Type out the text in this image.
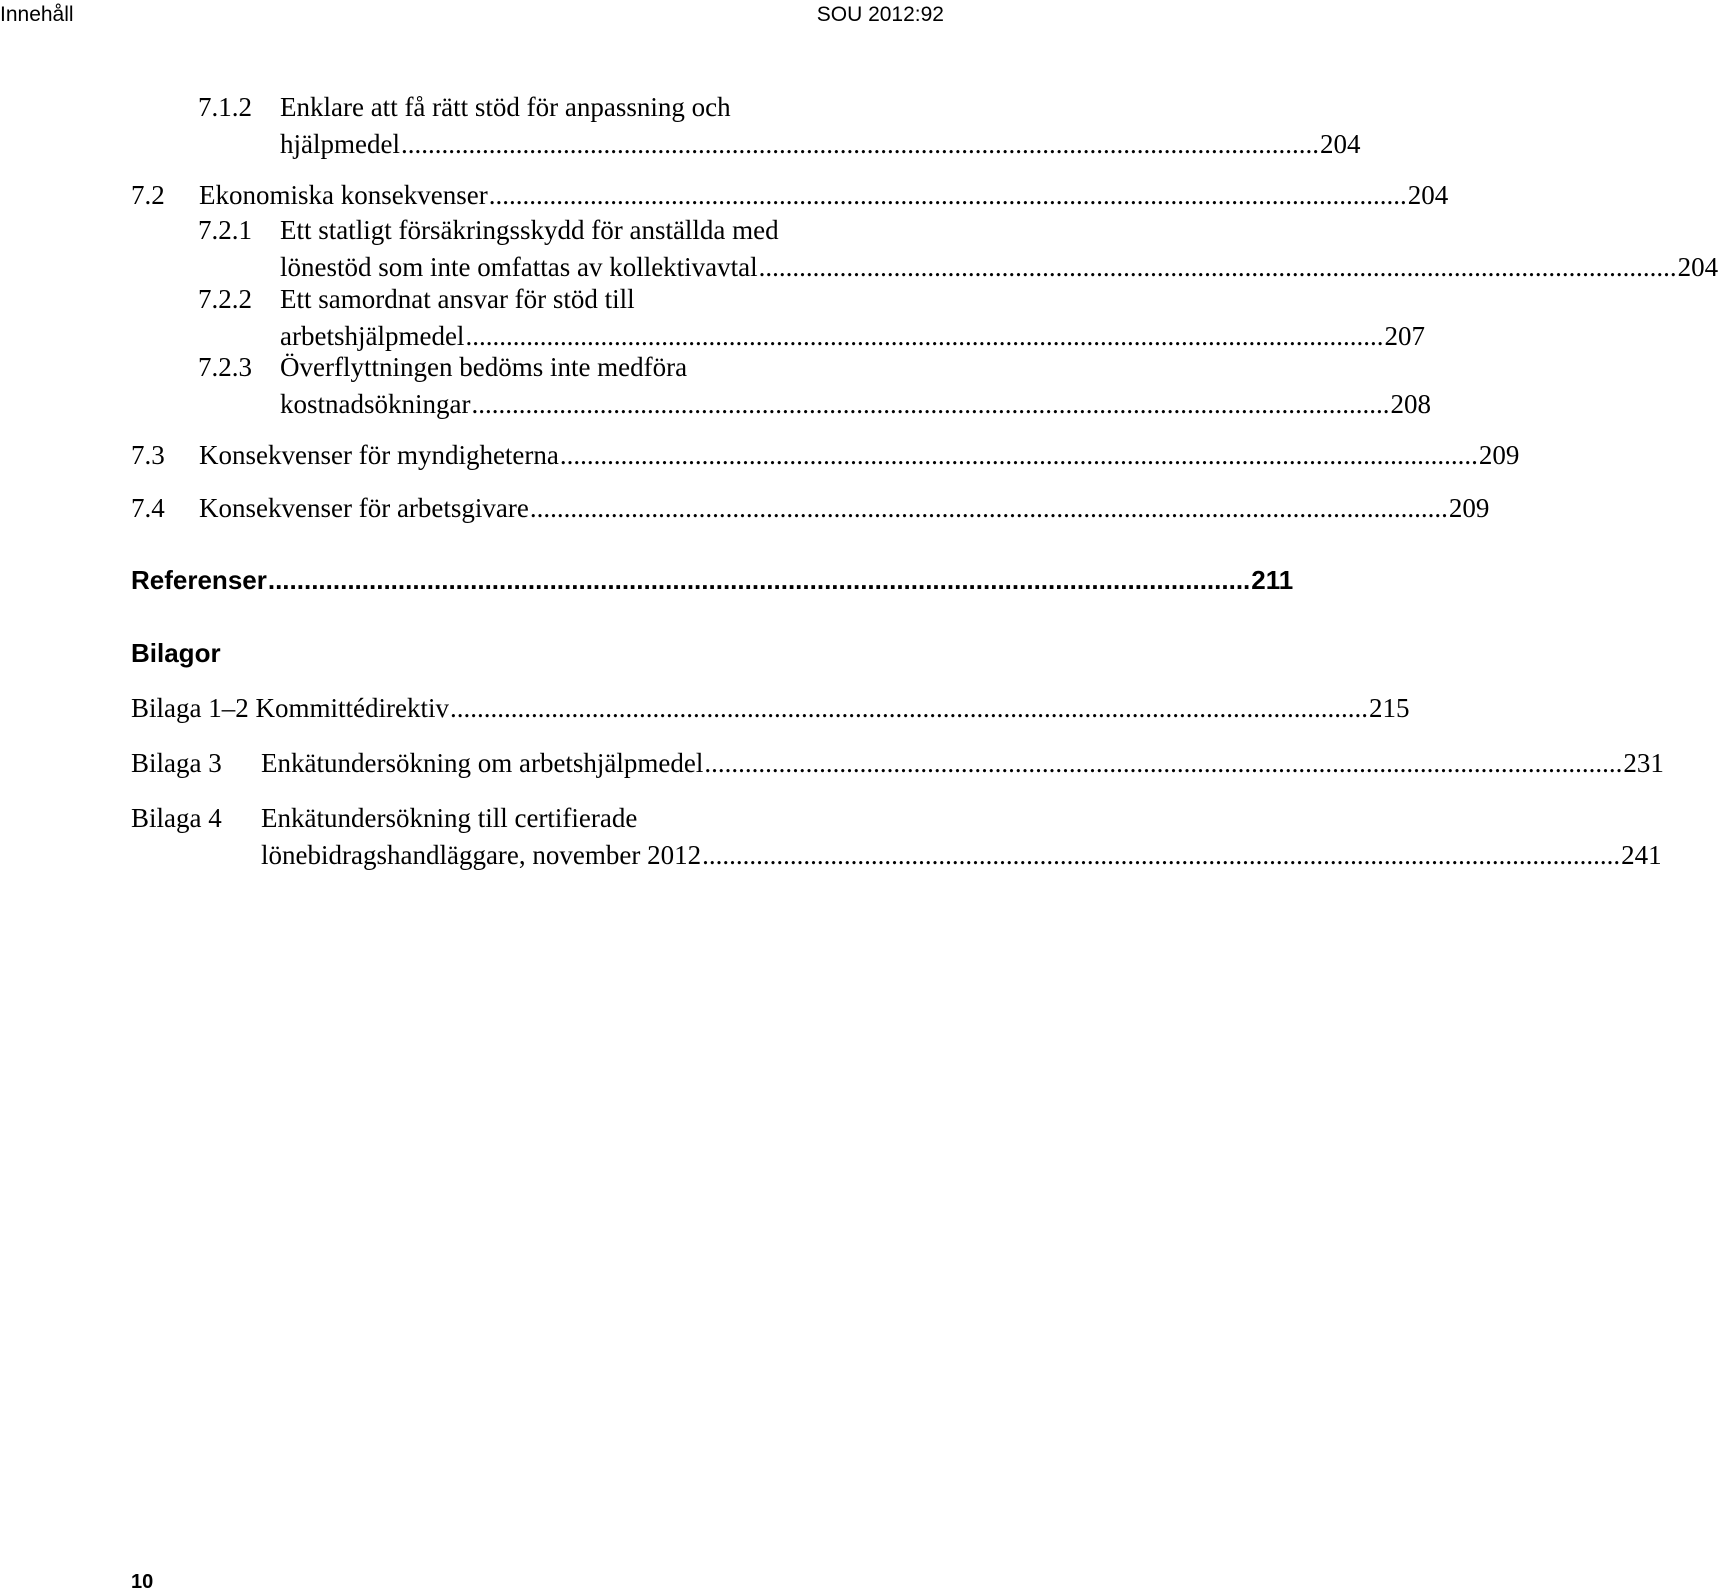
Innehåll	SOU 2012:92
7.1.2 Enklare att få rätt stöd för anpassning och
hjälpmedel ........................................................................................................................................ 204
7.2 Ekonomiska konsekvenser ........................................................................................................................................ 204
7.2.1 Ett statligt försäkringsskydd för anställda med
lönestöd som inte omfattas av kollektivavtal ........................................................................................................................................ 204
7.2.2 Ett samordnat ansvar för stöd till
arbetshjälpmedel ........................................................................................................................................ 207
7.2.3 Överflyttningen bedöms inte medföra
kostnadsökningar ........................................................................................................................................ 208
7.3 Konsekvenser för myndigheterna ........................................................................................................................................ 209
7.4 Konsekvenser för arbetsgivare ........................................................................................................................................ 209
Referenser ........................................................................................................................................ 211
Bilagor
Bilaga 1–2 Kommittédirektiv ........................................................................................................................................ 215
Bilaga 3 Enkätundersökning om arbetshjälpmedel ........................................................................................................................................ 231
Bilaga 4 Enkätundersökning till certifierade
lönebidragshandläggare, november 2012 ........................................................................................................................................ 241
10
